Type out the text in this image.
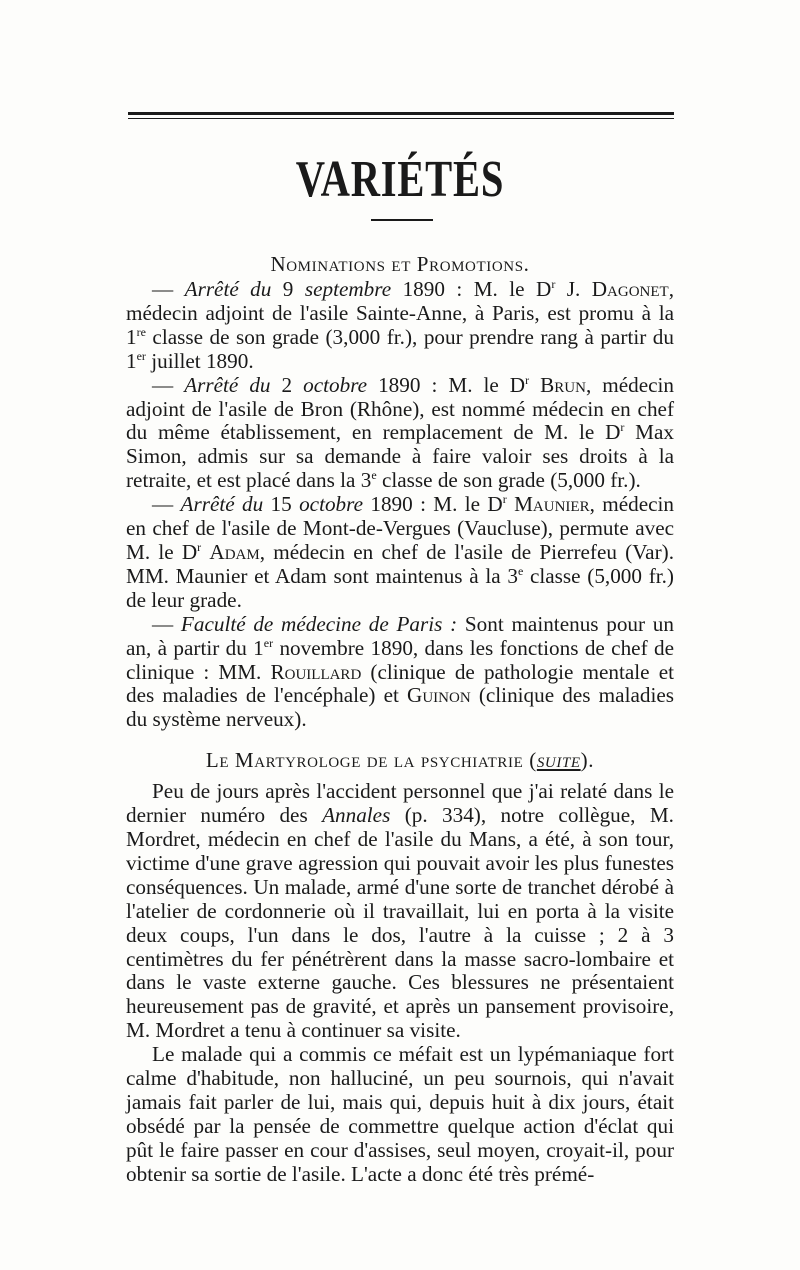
VARIÉTÉS
Nominations et Promotions.

— Arrêté du 9 septembre 1890 : M. le $D^r$ J. Dagonet, médecin adjoint de l'asile Sainte-Anne, à Paris, est promu à la 1re classe de son grade (3,000 fr.), pour prendre rang à partir du 1er juillet 1890.

— Arrêté du 2 octobre 1890 : M. le $D^r$ Brun, médecin adjoint de l'asile de Bron (Rhône), est nommé médecin en chef du même établissement, en remplacement de M. le $D^r$ Max Simon, admis sur sa demande à faire valoir ses droits à la retraite, et est placé dans la 3e classe de son grade (5,000 fr.).

— Arrêté du 15 octobre 1890 : M. le $D^r$ Maunier, médecin en chef de l'asile de Mont-de-Vergues (Vaucluse), permute avec M. le $D^r$ Adam, médecin en chef de l'asile de Pierrefeu (Var). MM. Maunier et Adam sont maintenus à la 3e classe (5,000 fr.) de leur grade.

— Faculté de médecine de Paris : Sont maintenus pour un an, à partir du 1er novembre 1890, dans les fonctions de chef de clinique : MM. Rouillard (clinique de pathologie mentale et des maladies de l'encéphale) et Guinon (clinique des maladies du système nerveux).

Le Martyrologe de la psychiatrie (suite).

Peu de jours après l'accident personnel que j'ai relaté dans le dernier numéro des Annales (p. 334), notre collègue, M. Mordret, médecin en chef de l'asile du Mans, a été, à son tour, victime d'une grave agression qui pouvait avoir les plus funestes conséquences. Un malade, armé d'une sorte de tranchet dérobé à l'atelier de cordonnerie où il travaillait, lui en porta à la visite deux coups, l'un dans le dos, l'autre à la cuisse ; 2 à 3 centimètres du fer pénétrèrent dans la masse sacro-lombaire et dans le vaste externe gauche. Ces blessures ne présentaient heureusement pas de gravité, et après un pansement provisoire, M. Mordret a tenu à continuer sa visite.

Le malade qui a commis ce méfait est un lypémaniaque fort calme d'habitude, non halluciné, un peu sournois, qui n'avait jamais fait parler de lui, mais qui, depuis huit à dix jours, était obsédé par la pensée de commettre quelque action d'éclat qui pût le faire passer en cour d'assises, seul moyen, croyait-il, pour obtenir sa sortie de l'asile. L'acte a donc été très prémé-
